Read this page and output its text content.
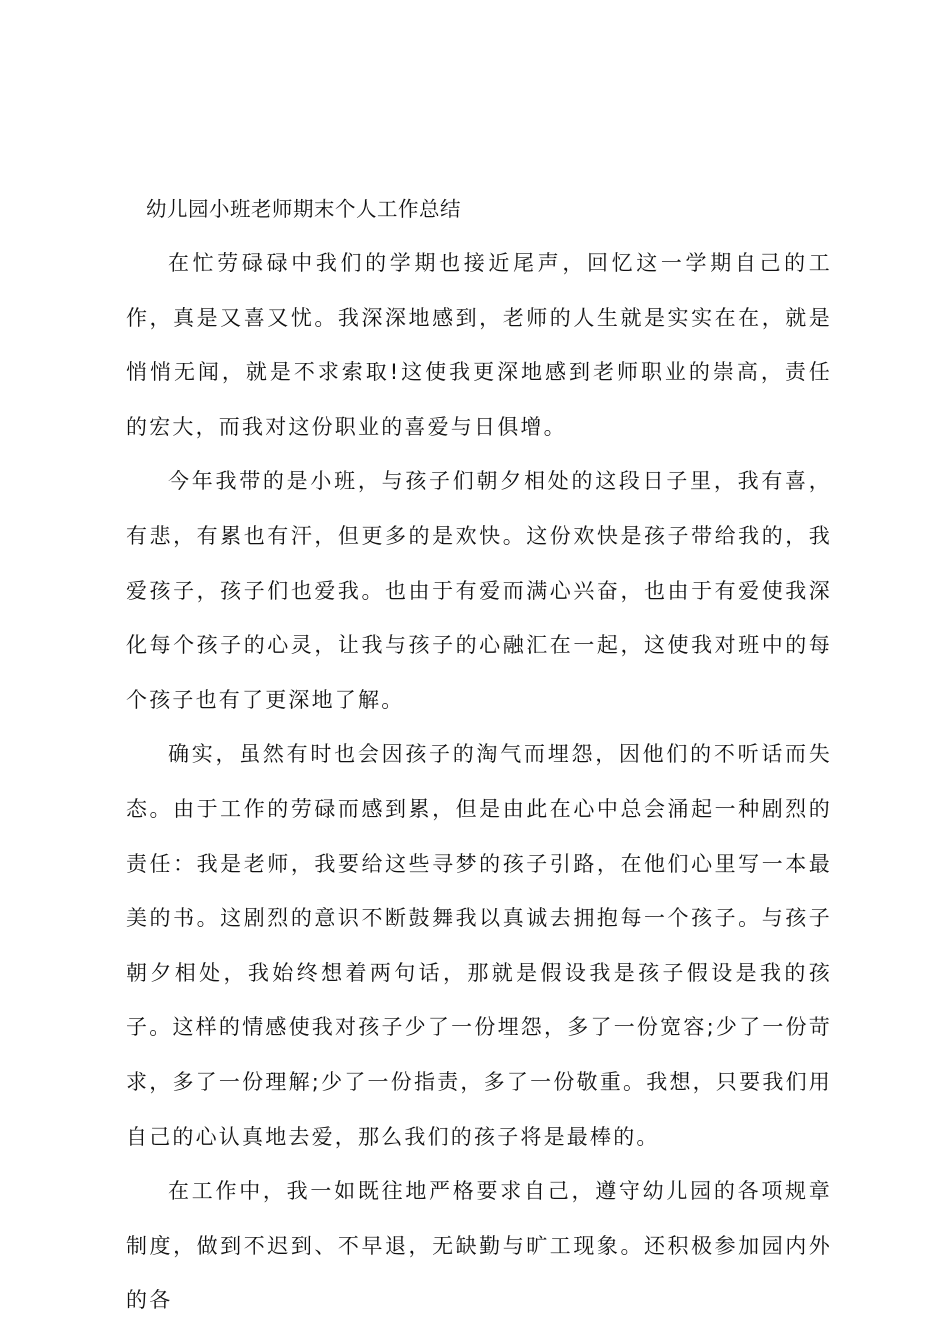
幼儿园小班老师期末个人工作总结

在忙劳碌碌中我们的学期也接近尾声，回忆这一学期自己的工作，真是又喜又忧。我深深地感到，老师的人生就是实实在在，就是悄悄无闻，就是不求索取!这使我更深地感到老师职业的崇高，责任的宏大，而我对这份职业的喜爱与日俱增。

今年我带的是小班，与孩子们朝夕相处的这段日子里，我有喜，有悲，有累也有汗，但更多的是欢快。这份欢快是孩子带给我的，我爱孩子，孩子们也爱我。也由于有爱而满心兴奋，也由于有爱使我深化每个孩子的心灵，让我与孩子的心融汇在一起，这使我对班中的每个孩子也有了更深地了解。

确实，虽然有时也会因孩子的淘气而埋怨，因他们的不听话而失态。由于工作的劳碌而感到累，但是由此在心中总会涌起一种剧烈的责任：我是老师，我要给这些寻梦的孩子引路，在他们心里写一本最美的书。这剧烈的意识不断鼓舞我以真诚去拥抱每一个孩子。与孩子朝夕相处，我始终想着两句话，那就是假设我是孩子假设是我的孩子。这样的情感使我对孩子少了一份埋怨，多了一份宽容;少了一份苛求，多了一份理解;少了一份指责，多了一份敬重。我想，只要我们用自己的心认真地去爱，那么我们的孩子将是最棒的。

在工作中，我一如既往地严格要求自己，遵守幼儿园的各项规章制度，做到不迟到、不早退，无缺勤与旷工现象。还积极参加园内外的各
